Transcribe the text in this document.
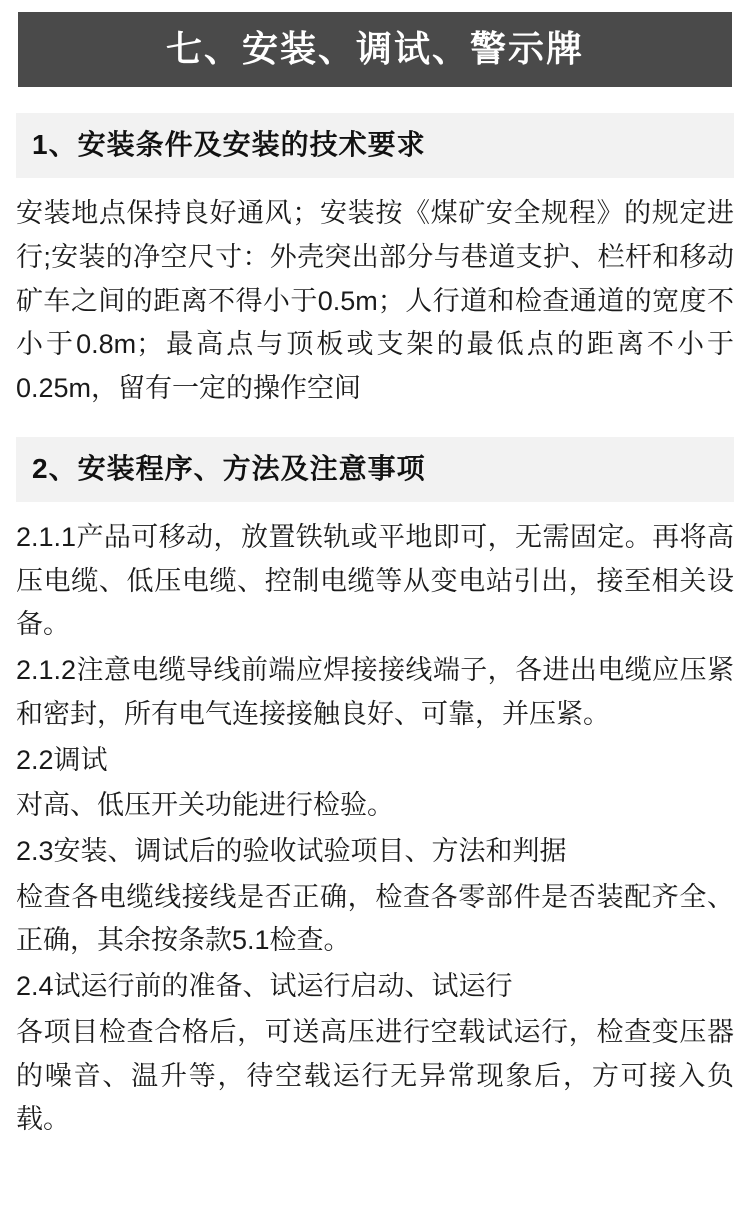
七、安装、调试、警示牌
1、安装条件及安装的技术要求

安装地点保持良好通风；安装按《煤矿安全规程》的规定进行;安装的净空尺寸：外壳突出部分与巷道支护、栏杆和移动矿车之间的距离不得小于0.5m；人行道和检查通道的宽度不小于0.8m；最高点与顶板或支架的最低点的距离不小于0.25m，留有一定的操作空间

2、安装程序、方法及注意事项

2.1.1产品可移动，放置铁轨或平地即可，无需固定。再将高压电缆、低压电缆、控制电缆等从变电站引出，接至相关设备。

2.1.2注意电缆导线前端应焊接接线端子，各进出电缆应压紧和密封，所有电气连接接触良好、可靠，并压紧。

2.2调试

对高、低压开关功能进行检验。

2.3安装、调试后的验收试验项目、方法和判据

检查各电缆线接线是否正确，检查各零部件是否装配齐全、正确，其余按条款5.1检查。

2.4试运行前的准备、试运行启动、试运行

各项目检查合格后，可送高压进行空载试运行，检查变压器的噪音、温升等，待空载运行无异常现象后，方可接入负载。
